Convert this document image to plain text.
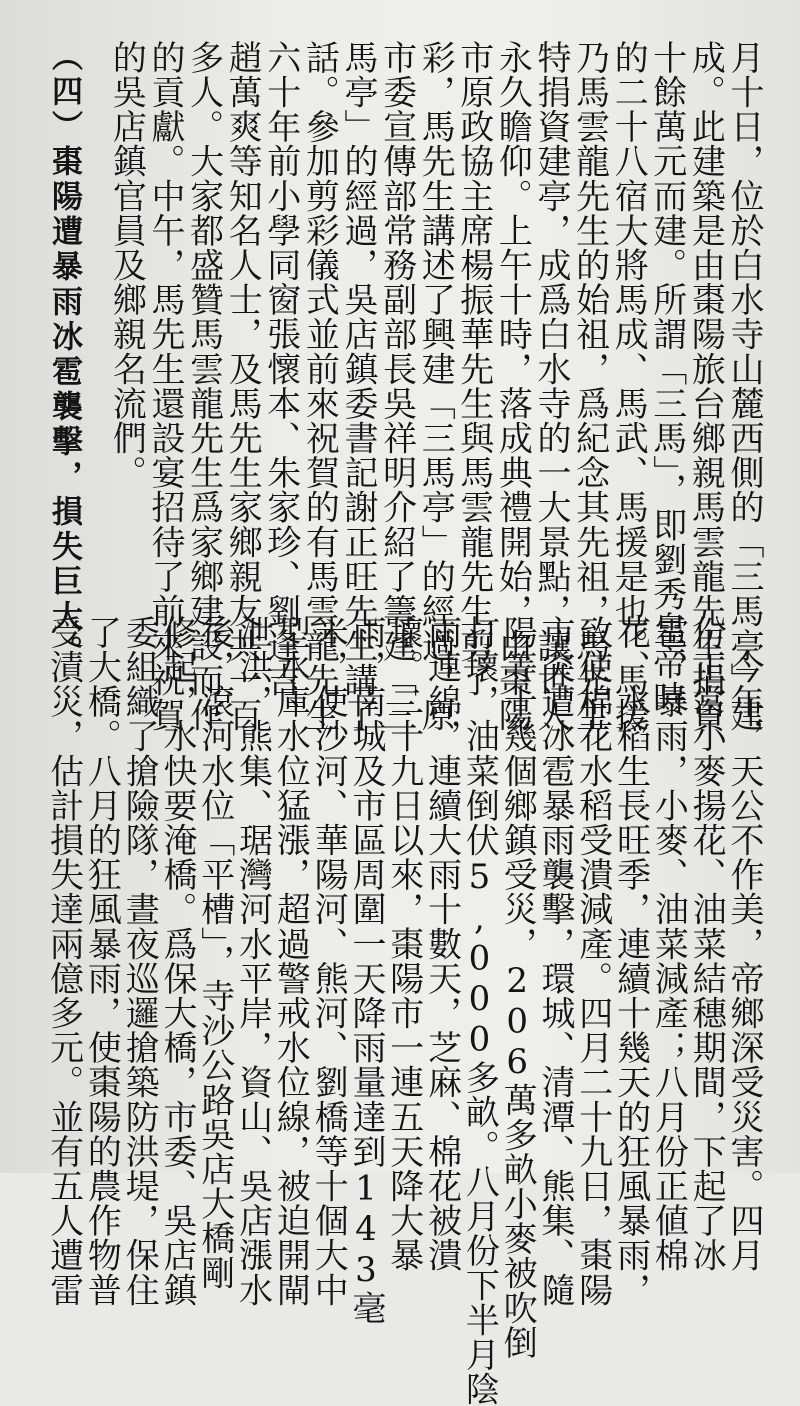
月十日，位於白水寺山麓西側的「三馬亭」建
成。此建築是由棗陽旅台鄉親馬雲龍先生捐資
十餘萬元而建。所謂「三馬」，即劉秀皇帝時
的二十八宿大將馬成、馬武、馬援是也。馬援
乃馬雲龍先生的始祖，爲紀念其先祖，馬先生
特捐資建亭，成爲白水寺的一大景點，讓世人
永久瞻仰。上午十時，落成典禮開始，由棗陽
市原政協主席楊振華先生與馬雲龍先生剪了
彩，馬先生講述了興建「三馬亭」的經過，原
市委宣傳部常務副部長吳祥明介紹了籌建「三
馬亭」的經過，吳店鎮委書記謝正旺先生講了
話。參加剪彩儀式並前來祝賀的有馬雲龍先生
六十年前小學同窗張懷本、朱家珍、劉逢吉、
趙萬爽等知名人士，及馬先生家鄉親友共一百
多人。大家都盛贊馬雲龍先生爲家鄉建設而作
的貢獻。中午，馬先生還設宴招待了前來祝賀
的吳店鎮官員及鄉親名流們。
　今年，天公不作美，帝鄉深受災害。四月
份正當小麥揚花、油菜結穗期間，下起了冰
雹、暴雨，小麥、油菜減產；八月份正値棉
花、水稻生長旺季，連續十幾天的狂風暴雨，
致使棉花水稻受潰減產。四月二十九日，棗陽
市突遭冰雹暴雨襲擊，環城、清潭、熊集、隨
陽等十幾個鄉鎮受災，206萬多畝小麥被吹倒
打壞，油菜倒伏5,000多畝。八月份下半月陰
雨連綿，連續大雨十數天，芝麻、棉花被潰
壞。二十九日以來，棗陽市一連五天降大暴
雨，南城及市區周圍一天降雨量達到143毫
米，使沙河、華陽河、熊河、劉橋等十個大中
型水庫水位猛漲，超過警戒水位線，被迫開閘
泄洪，熊集、琚灣河水平岸，資山、吳店漲水
後，滾河水位「平槽」，寺沙公路吳店大橋剛
修起，水快要淹橋。爲保大橋，市委、吳店鎮
委組織了搶險隊，晝夜巡邏搶築防洪堤，保住
了大橋。八月的狂風暴雨，使棗陽的農作物普
受漬災，估計損失達兩億多元。並有五人遭雷
（四）棗陽遭暴雨冰雹襲擊，損失巨大。
